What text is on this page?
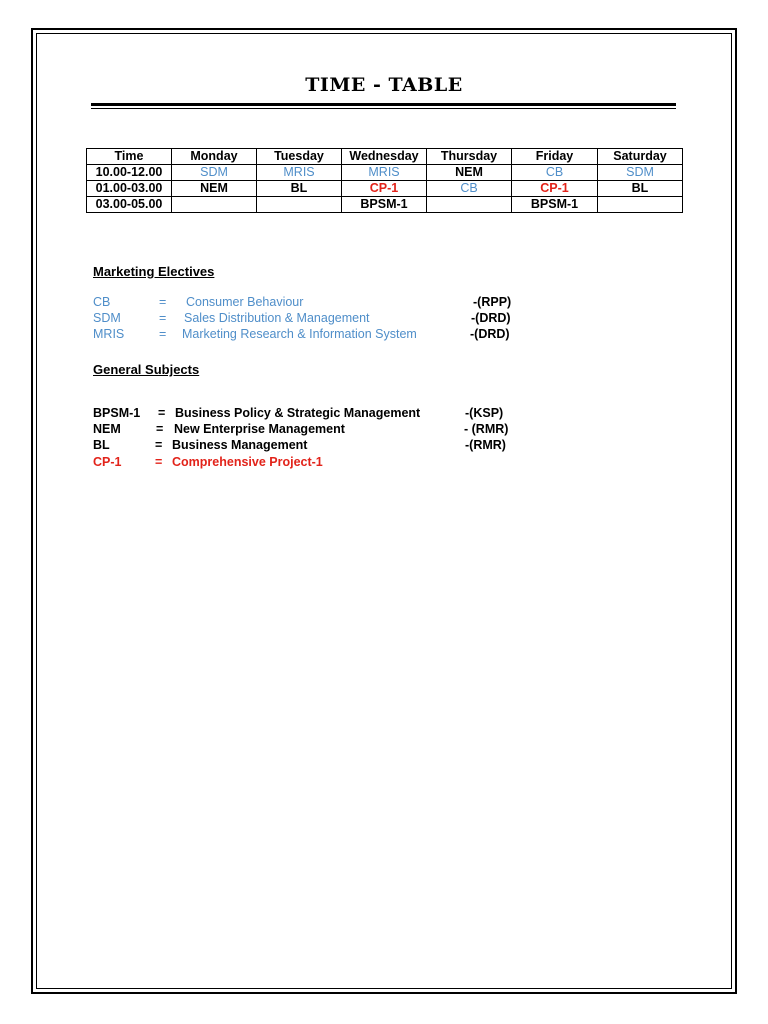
TIME - TABLE
Time	Monday	Tuesday	Wednesday	Thursday	Friday	Saturday
10.00-12.00	SDM	MRIS	MRIS	NEM	CB	SDM
01.00-03.00	NEM	BL	CP-1	CB	CP-1	BL
03.00-05.00			BPSM-1		BPSM-1	
Marketing Electives
CB	= Consumer Behaviour	-(RPP)
SDM	= Sales Distribution & Management	-(DRD)
MRIS	= Marketing Research & Information System	-(DRD)
General Subjects
BPSM-1 = Business Policy & Strategic Management	-(KSP)
NEM	= New Enterprise Management	- (RMR)
BL	= Business Management	-(RMR)
CP-1	= Comprehensive Project-1
